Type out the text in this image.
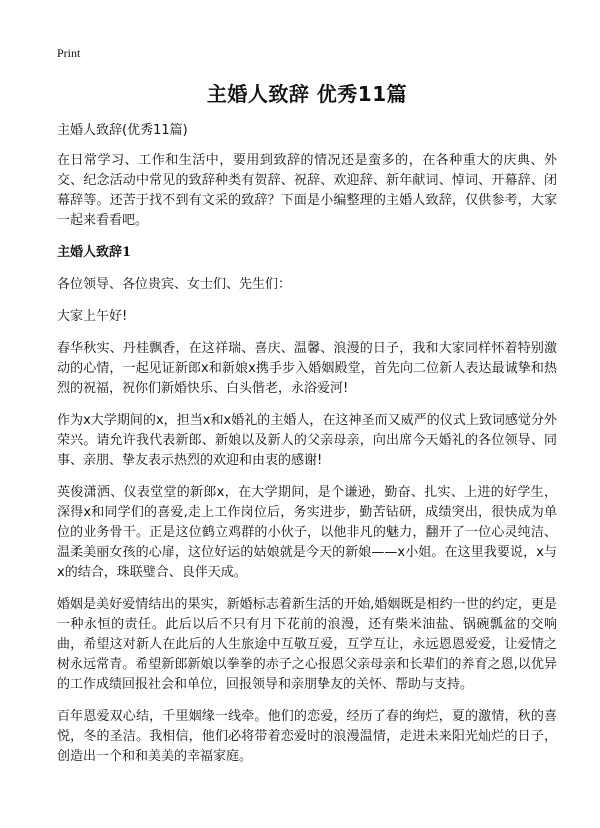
Print
主婚人致辞 优秀11篇

主婚人致辞(优秀11篇)

在日常学习、工作和生活中，要用到致辞的情况还是蛮多的，在各种重大的庆典、外交、纪念活动中常见的致辞种类有贺辞、祝辞、欢迎辞、新年献词、悼词、开幕辞、闭幕辞等。还苦于找不到有文采的致辞？下面是小编整理的主婚人致辞，仅供参考，大家一起来看看吧。

主婚人致辞1

各位领导、各位贵宾、女士们、先生们：

大家上午好!

春华秋实、丹桂飘香，在这祥瑞、喜庆、温馨、浪漫的日子，我和大家同样怀着特别激动的心情，一起见证新郎x和新娘x携手步入婚姻殿堂，首先向二位新人表达最诚挚和热烈的祝福，祝你们新婚快乐、白头偕老，永浴爱河!

作为x大学期间的x，担当x和x婚礼的主婚人，在这神圣而又威严的仪式上致词感觉分外荣兴。请允许我代表新郎、新娘以及新人的父亲母亲，向出席今天婚礼的各位领导、同事、亲朋、挚友表示热烈的欢迎和由衷的感谢!

英俊潇洒、仪表堂堂的新郎x，在大学期间，是个谦逊，勤奋、扎实、上进的好学生，深得x和同学们的喜爱,走上工作岗位后，务实进步，勤苦钻研，成绩突出，很快成为单位的业务骨干。正是这位鹤立鸡群的小伙子，以他非凡的魅力，翻开了一位心灵纯洁、温柔美丽女孩的心扉，这位好运的姑娘就是今天的新娘——x小姐。在这里我要说，x与x的结合，珠联璧合、良伴天成。

婚姻是美好爱情结出的果实，新婚标志着新生活的开始,婚姻既是相约一世的约定，更是一种永恒的责任。此后以后不只有月下花前的浪漫，还有柴米油盐、锅碗瓢盆的交响曲，希望这对新人在此后的人生旅途中互敬互爱，互学互让，永远恩恩爱爱，让爱情之树永远常青。希望新郎新娘以拳拳的赤子之心报恩父亲母亲和长辈们的养育之恩,以优异的工作成绩回报社会和单位，回报领导和亲朋挚友的关怀、帮助与支持。

百年恩爱双心结，千里姻缘一线牵。他们的恋爱，经历了春的绚烂，夏的激情，秋的喜悦，冬的圣洁。我相信，他们必将带着恋爱时的浪漫温情，走进未来阳光灿烂的日子，创造出一个和和美美的幸福家庭。
